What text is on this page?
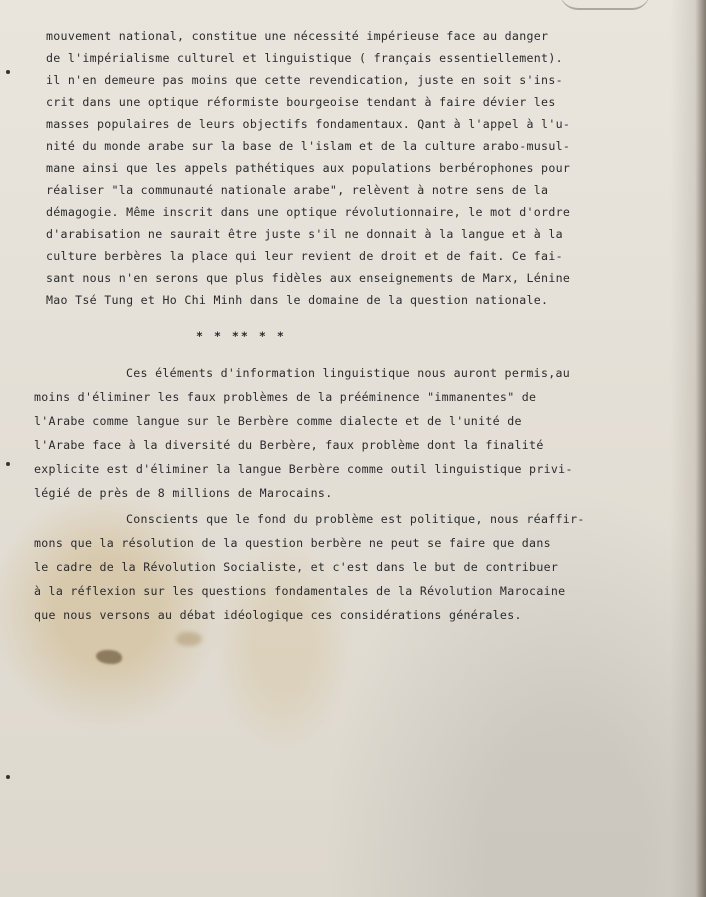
mouvement national, constitue une nécessité impérieuse face au danger
de l'impérialisme culturel et linguistique ( français essentiellement).
il n'en demeure pas moins que cette revendication, juste en soit s'ins-
crit dans une optique réformiste bourgeoise tendant à faire dévier les
masses populaires de leurs objectifs fondamentaux. Qant à l'appel à l'u-
nité du monde arabe sur la base de l'islam et de la culture arabo-musul-
mane ainsi que les appels pathétiques aux populations berbérophones pour
réaliser "la communauté nationale arabe", relèvent à notre sens de la
démagogie. Même inscrit dans une optique révolutionnaire, le mot d'ordre
d'arabisation ne saurait être juste s'il ne donnait à la langue et à la
culture berbères la place qui leur revient de droit et de fait. Ce fai-
sant nous n'en serons que plus fidèles aux enseignements de Marx, Lénine
Mao Tsé Tung et Ho Chi Minh dans le domaine de la question nationale.
* * ** * *
Ces éléments d'information linguistique nous auront permis,au
moins d'éliminer les faux problèmes de la prééminence "immanentes" de
l'Arabe comme langue sur le Berbère comme dialecte et de l'unité de
l'Arabe face à la diversité du Berbère, faux problème dont la finalité
explicite est d'éliminer la langue Berbère comme outil linguistique privi-
légié de près de 8 millions de Marocains.
Conscients que le fond du problème est politique, nous réaffir-
mons que la résolution de la question berbère ne peut se faire que dans
le cadre de la Révolution Socialiste, et c'est dans le but de contribuer
à la réflexion sur les questions fondamentales de la Révolution Marocaine
que nous versons au débat idéologique ces considérations générales.
